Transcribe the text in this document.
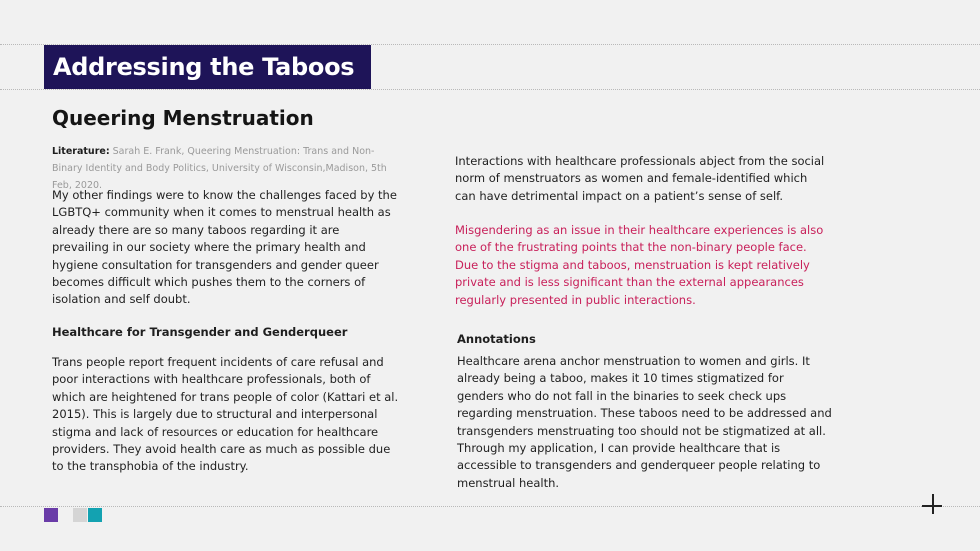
Addressing the Taboos
Queering Menstruation
Literature: Sarah E. Frank, Queering Menstruation: Trans and Non-Binary Identity and Body Politics, University of Wisconsin,Madison, 5th Feb, 2020.
My other findings were to know the challenges faced by the LGBTQ+ community when it comes to menstrual health as already there are so many taboos regarding it are prevailing in our society where the primary health and hygiene consultation for transgenders and gender queer becomes difficult which pushes them to the corners of isolation and self doubt.
Healthcare for Transgender and Genderqueer
Trans people report frequent incidents of care refusal and poor interactions with healthcare professionals, both of which are heightened for trans people of color (Kattari et al. 2015). This is largely due to structural and interpersonal stigma and lack of resources or education for healthcare providers. They avoid health care as much as possible due to the transphobia of the industry.
Interactions with healthcare professionals abject from the social norm of menstruators as women and female-identified which can have detrimental impact on a patient’s sense of self.
Misgendering as an issue in their healthcare experiences is also one of the frustrating points that the non-binary people face. Due to the stigma and taboos, menstruation is kept relatively private and is less significant than the external appearances regularly presented in public interactions.
Annotations
Healthcare arena anchor menstruation to women and girls. It already being a taboo, makes it 10 times stigmatized for genders who do not fall in the binaries to seek check ups regarding menstruation. These taboos need to be addressed and transgenders menstruating too should not be stigmatized at all. Through my application, I can provide healthcare that is accessible to transgenders and genderqueer people relating to menstrual health.
